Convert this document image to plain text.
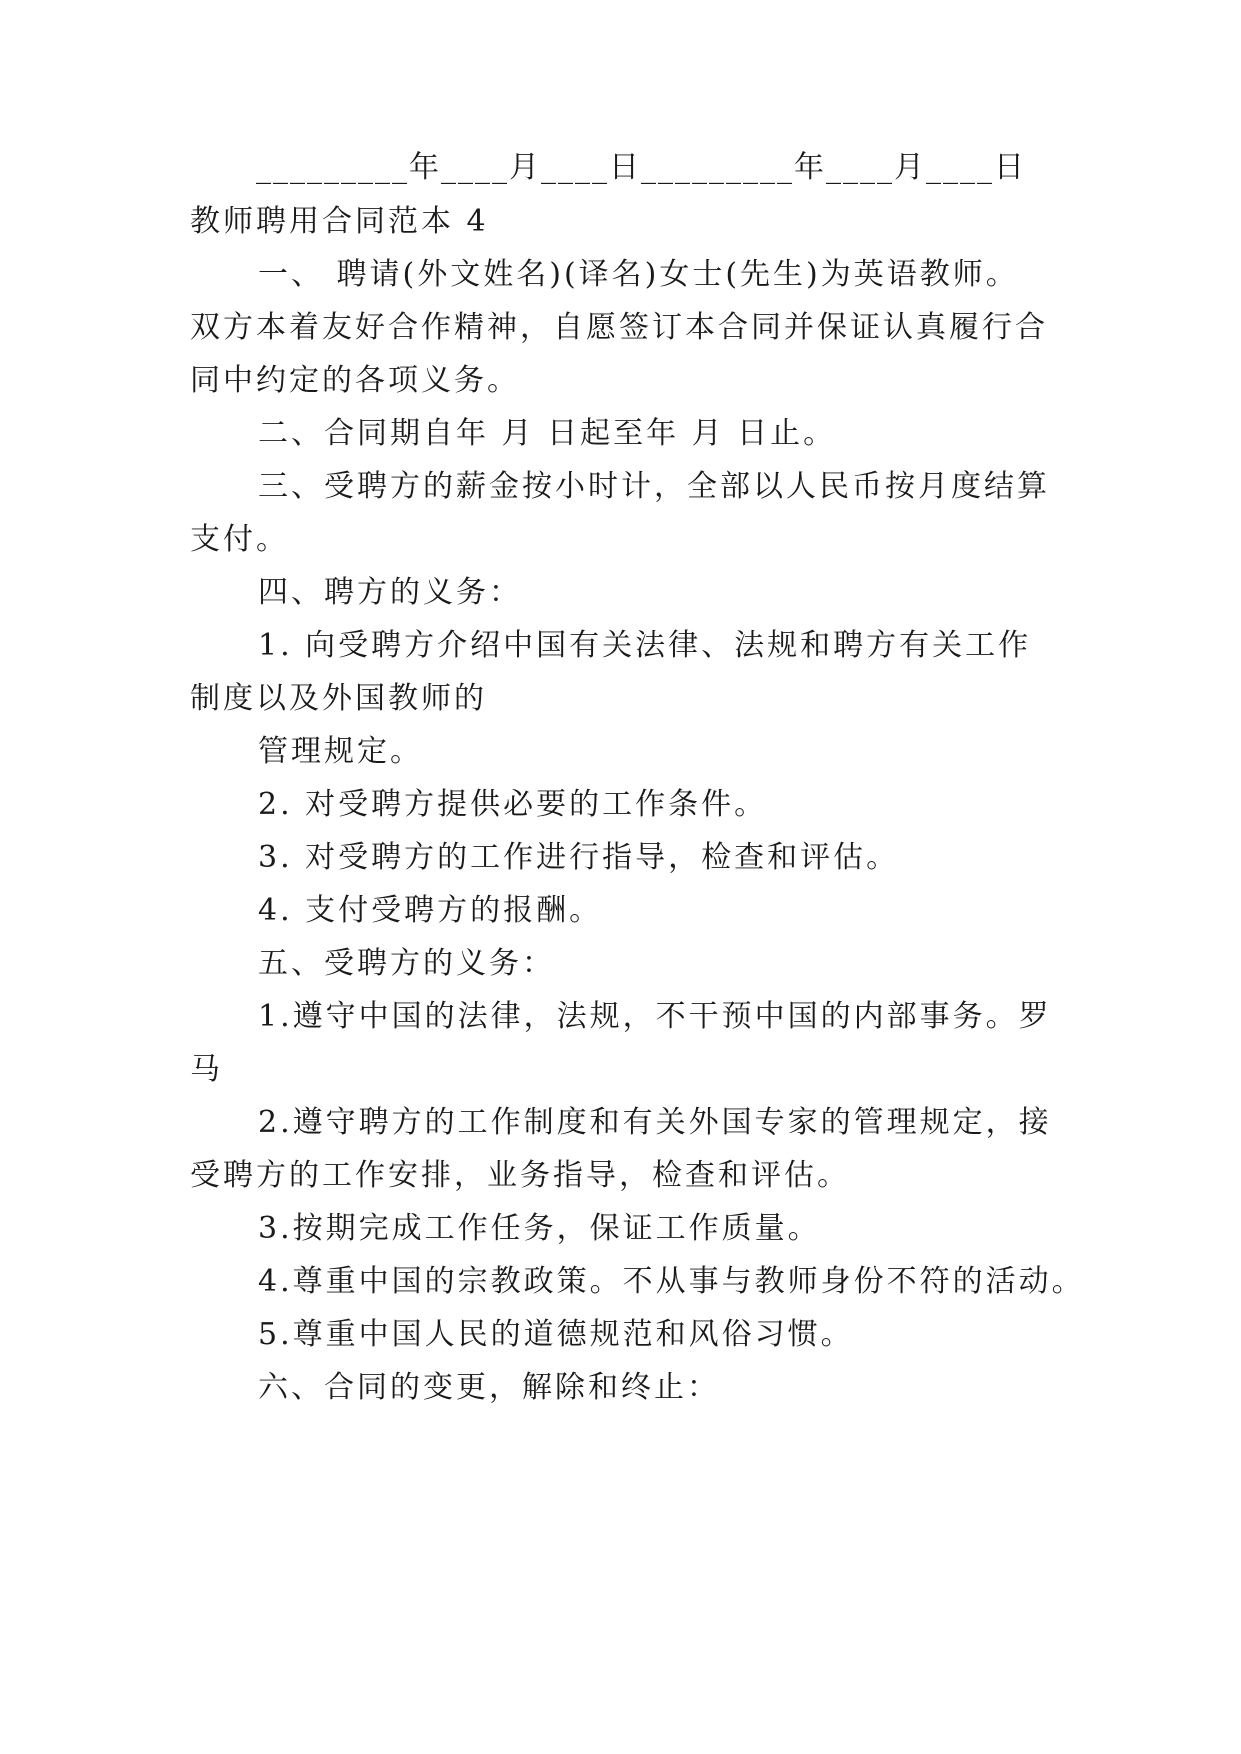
_________年____月____日_________年____月____日
教师聘用合同范本 4
一、 聘请(外文姓名)(译名)女士(先生)为英语教师。
双方本着友好合作精神，自愿签订本合同并保证认真履行合
同中约定的各项义务。
二、合同期自年 月 日起至年 月 日止。
三、受聘方的薪金按小时计，全部以人民币按月度结算
支付。
四、聘方的义务：
1. 向受聘方介绍中国有关法律、法规和聘方有关工作
制度以及外国教师的
管理规定。
2. 对受聘方提供必要的工作条件。
3. 对受聘方的工作进行指导，检查和评估。
4. 支付受聘方的报酬。
五、受聘方的义务：
1.遵守中国的法律，法规，不干预中国的内部事务。罗
马
2.遵守聘方的工作制度和有关外国专家的管理规定，接
受聘方的工作安排，业务指导，检查和评估。
3.按期完成工作任务，保证工作质量。
4.尊重中国的宗教政策。不从事与教师身份不符的活动。
5.尊重中国人民的道德规范和风俗习惯。
六、合同的变更，解除和终止：
